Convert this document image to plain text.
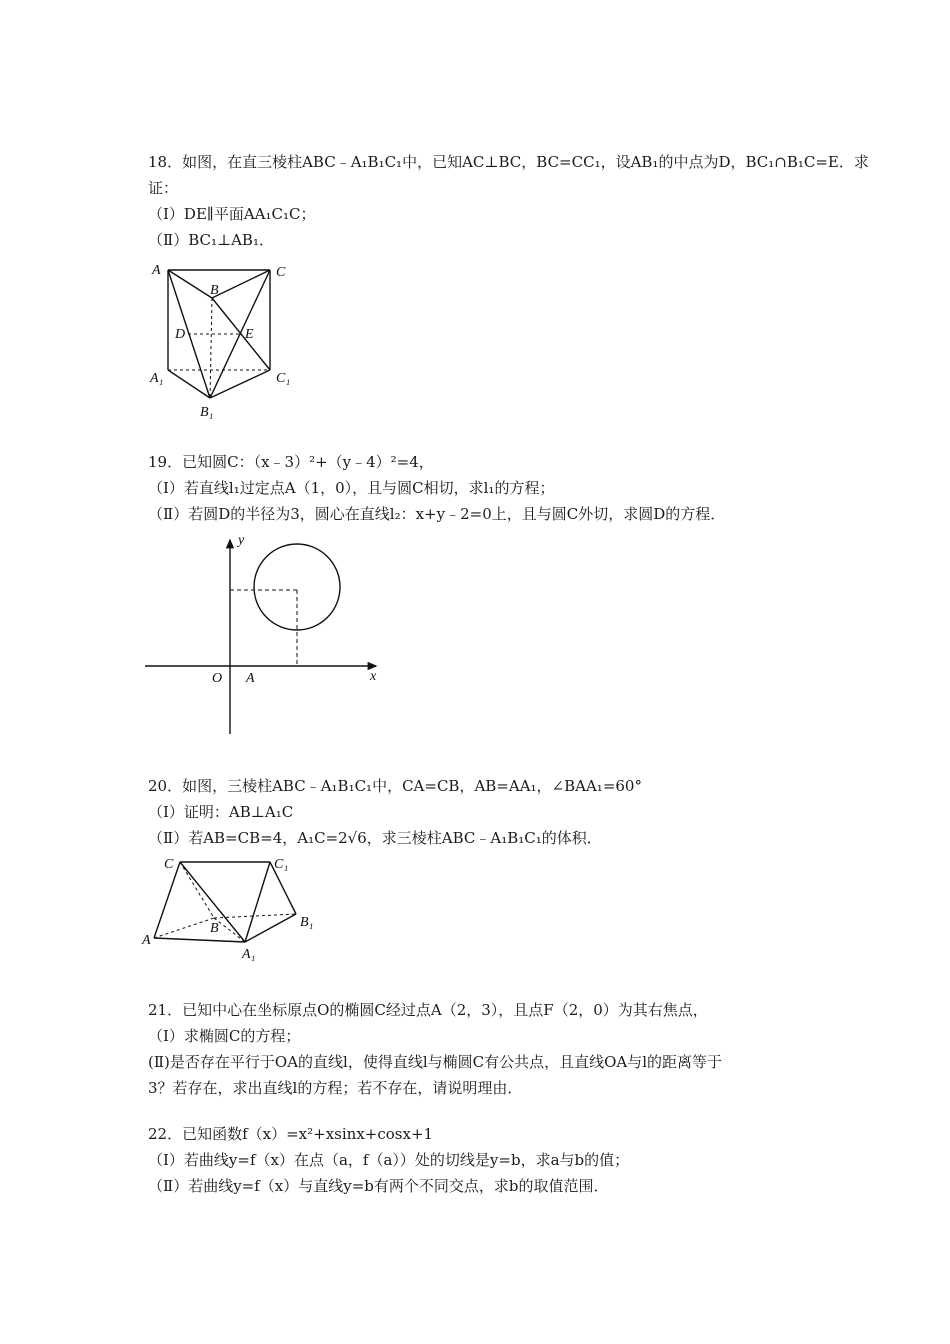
18．如图，在直三棱柱ABC﹣A₁B₁C₁中，已知AC⊥BC，BC=CC₁，设AB₁的中点为D，BC₁∩B₁C=E．求
证：
（Ⅰ）DE∥平面AA₁C₁C；
（Ⅱ）BC₁⊥AB₁．
A	C
B
D	E
A₁	C₁
B₁
19．已知圆C：（x﹣3）²+（y﹣4）²=4，
（Ⅰ）若直线l₁过定点A（1，0），且与圆C相切，求l₁的方程；
（Ⅱ）若圆D的半径为3，圆心在直线l₂：x+y﹣2=0上，且与圆C外切，求圆D的方程．
y
x
O A
20．如图，三棱柱ABC﹣A₁B₁C₁中，CA=CB，AB=AA₁，∠BAA₁=60°
（Ⅰ）证明：AB⊥A₁C
（Ⅱ）若AB=CB=4，A₁C=2√6，求三棱柱ABC﹣A₁B₁C₁的体积．
C	C₁
B	B₁
A
A₁
21．已知中心在坐标原点O的椭圆C经过点A（2，3），且点F（2，0）为其右焦点，
（Ⅰ）求椭圆C的方程；
(Ⅱ)是否存在平行于OA的直线l，使得直线l与椭圆C有公共点，且直线OA与l的距离等于
3？若存在，求出直线l的方程；若不存在，请说明理由．
22．已知函数f（x）=x²+xsinx+cosx+1
（Ⅰ）若曲线y=f（x）在点（a，f（a））处的切线是y=b，求a与b的值；
（Ⅱ）若曲线y=f（x）与直线y=b有两个不同交点，求b的取值范围．
